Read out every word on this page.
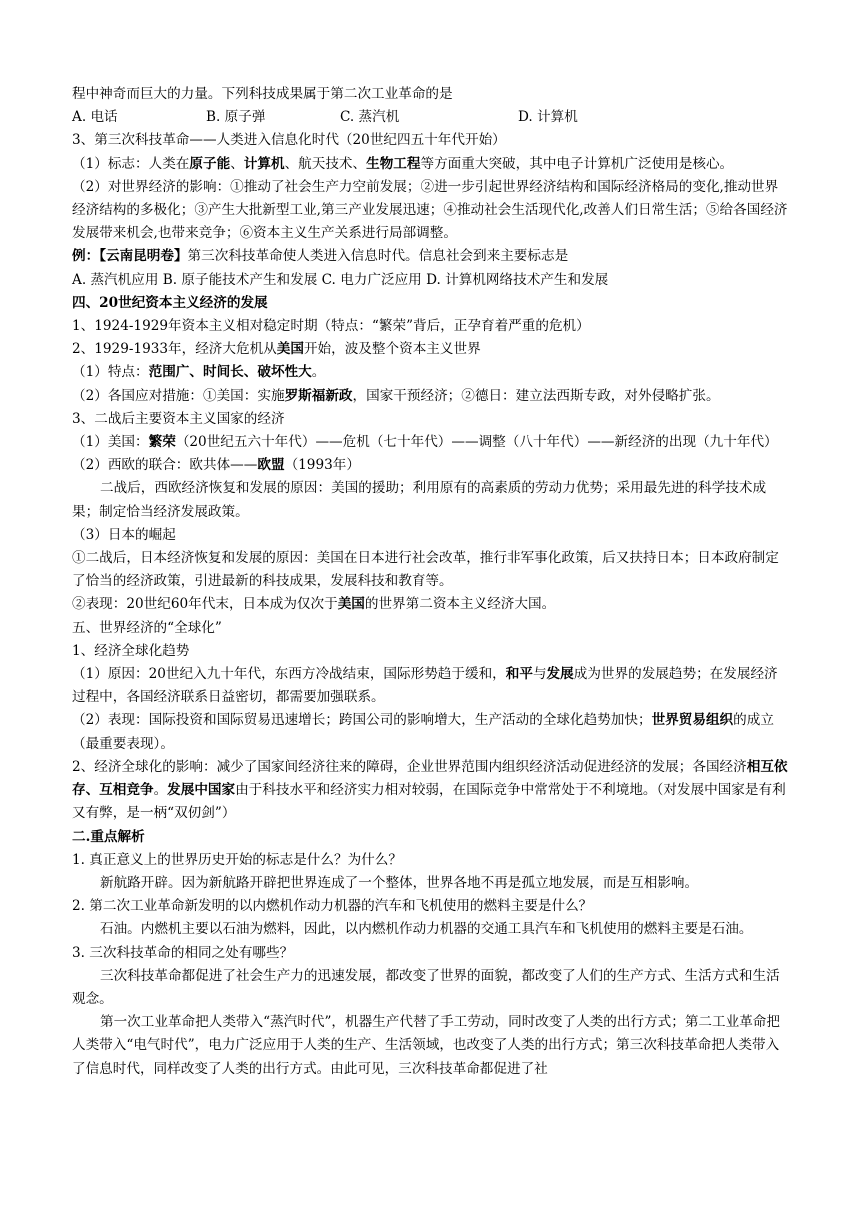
程中神奇而巨大的力量。下列科技成果属于第二次工业革命的是

A. 电话	B. 原子弹	C. 蒸汽机	D. 计算机

3、第三次科技革命——人类进入信息化时代（20世纪四五十年代开始）

（1）标志：人类在原子能、计算机、航天技术、生物工程等方面重大突破，其中电子计算机广泛使用是核心。

（2）对世界经济的影响：①推动了社会生产力空前发展；②进一步引起世界经济结构和国际经济格局的变化,推动世界经济结构的多极化；③产生大批新型工业,第三产业发展迅速；④推动社会生活现代化,改善人们日常生活；⑤给各国经济发展带来机会,也带来竞争；⑥资本主义生产关系进行局部调整。

例：【云南昆明卷】第三次科技革命使人类进入信息时代。信息社会到来主要标志是

A. 蒸汽机应用 B. 原子能技术产生和发展 C. 电力广泛应用 D. 计算机网络技术产生和发展

四、20世纪资本主义经济的发展

1、1924-1929年资本主义相对稳定时期（特点：“繁荣”背后，正孕育着严重的危机）

2、1929-1933年，经济大危机从美国开始，波及整个资本主义世界

（1）特点：范围广、时间长、破坏性大。

（2）各国应对措施：①美国：实施罗斯福新政，国家干预经济；②德日：建立法西斯专政，对外侵略扩张。

3、二战后主要资本主义国家的经济

（1）美国：繁荣（20世纪五六十年代）——危机（七十年代）——调整（八十年代）——新经济的出现（九十年代）

（2）西欧的联合：欧共体——欧盟（1993年）

二战后，西欧经济恢复和发展的原因：美国的援助；利用原有的高素质的劳动力优势；采用最先进的科学技术成果；制定恰当经济发展政策。

（3）日本的崛起

①二战后，日本经济恢复和发展的原因：美国在日本进行社会改革，推行非军事化政策，后又扶持日本；日本政府制定了恰当的经济政策，引进最新的科技成果，发展科技和教育等。

②表现：20世纪60年代末，日本成为仅次于美国的世界第二资本主义经济大国。

五、世界经济的“全球化”

1、经济全球化趋势

（1）原因：20世纪入九十年代，东西方冷战结束，国际形势趋于缓和，和平与发展成为世界的发展趋势；在发展经济过程中，各国经济联系日益密切，都需要加强联系。

（2）表现：国际投资和国际贸易迅速增长；跨国公司的影响增大，生产活动的全球化趋势加快；世界贸易组织的成立（最重要表现）。

2、经济全球化的影响：减少了国家间经济往来的障碍，企业世界范围内组织经济活动促进经济的发展；各国经济相互依存、互相竞争。发展中国家由于科技水平和经济实力相对较弱，在国际竞争中常常处于不利境地。（对发展中国家是有利又有弊，是一柄“双仞剑”）

二.重点解析

1. 真正意义上的世界历史开始的标志是什么？为什么？

新航路开辟。因为新航路开辟把世界连成了一个整体，世界各地不再是孤立地发展，而是互相影响。

2. 第二次工业革命新发明的以内燃机作动力机器的汽车和飞机使用的燃料主要是什么？

石油。内燃机主要以石油为燃料，因此，以内燃机作动力机器的交通工具汽车和飞机使用的燃料主要是石油。

3. 三次科技革命的相同之处有哪些？

三次科技革命都促进了社会生产力的迅速发展，都改变了世界的面貌，都改变了人们的生产方式、生活方式和生活观念。

第一次工业革命把人类带入“蒸汽时代”，机器生产代替了手工劳动，同时改变了人类的出行方式；第二工业革命把人类带入“电气时代”，电力广泛应用于人类的生产、生活领域，也改变了人类的出行方式；第三次科技革命把人类带入了信息时代，同样改变了人类的出行方式。由此可见，三次科技革命都促进了社
